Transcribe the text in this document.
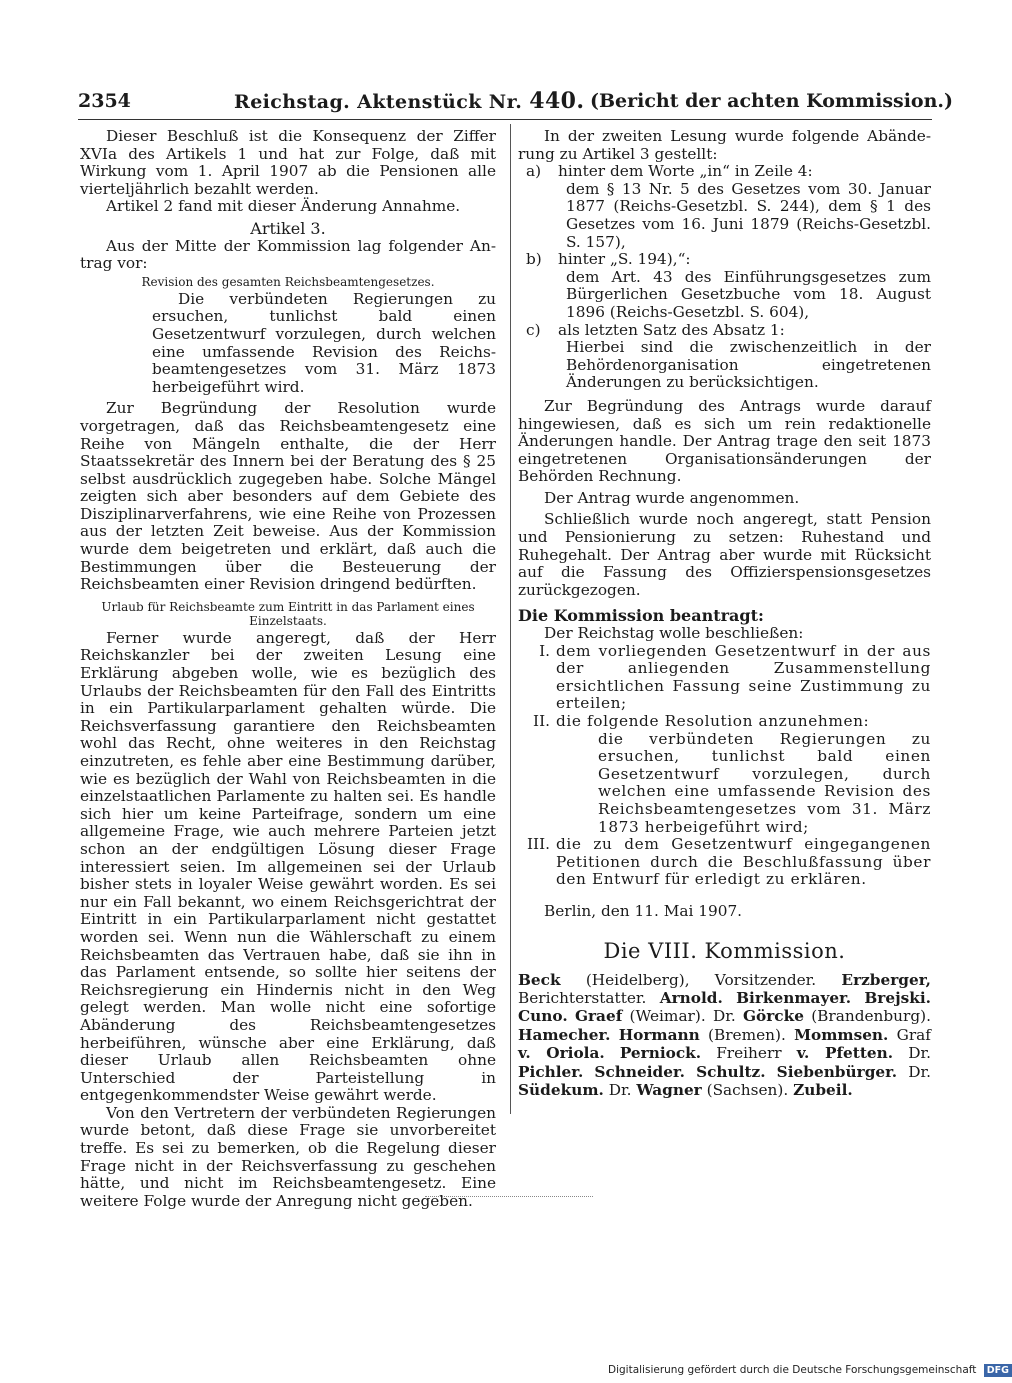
2354	Reichstag. Aktenstück Nr. 440. (Bericht der achten Kommission.)

Dieser Beschluß ist die Konsequenz der Ziffer XVIa des Artikels 1 und hat zur Folge, daß mit Wirkung vom 1. April 1907 ab die Pensionen alle vierteljährlich bezahlt werden.

Artikel 2 fand mit dieser Änderung Annahme.

Artikel 3.

Aus der Mitte der Kommission lag folgender Antrag vor:

Revision des gesamten Reichsbeamtengesetzes.

Die verbündeten Regierungen zu ersuchen, tunlichst bald einen Gesetzentwurf vorzulegen, durch welchen eine umfassende Revision des Reichsbeamtengesetzes vom 31. März 1873 herbeigeführt wird.

Zur Begründung der Resolution wurde vorgetragen, daß das Reichsbeamtengesetz eine Reihe von Mängeln enthalte, die der Herr Staatssekretär des Innern bei der Beratung des § 25 selbst ausdrücklich zugegeben habe. Solche Mängel zeigten sich aber besonders auf dem Gebiete des Disziplinarverfahrens, wie eine Reihe von Prozessen aus der letzten Zeit beweise. Aus der Kommission wurde dem beigetreten und erklärt, daß auch die Bestimmungen über die Besteuerung der Reichsbeamten einer Revision dringend bedürften.

Urlaub für Reichsbeamte zum Eintritt in das Parlament eines Einzelstaats.

Ferner wurde angeregt, daß der Herr Reichskanzler bei der zweiten Lesung eine Erklärung abgeben wolle, wie es bezüglich des Urlaubs der Reichsbeamten für den Fall des Eintritts in ein Partikularparlament gehalten würde. Die Reichsverfassung garantiere den Reichsbeamten wohl das Recht, ohne weiteres in den Reichstag einzutreten, es fehle aber eine Bestimmung darüber, wie es bezüglich der Wahl von Reichsbeamten in die einzelstaatlichen Parlamente zu halten sei. Es handle sich hier um keine Parteifrage, sondern um eine allgemeine Frage, wie auch mehrere Parteien jetzt schon an der endgültigen Lösung dieser Frage interessiert seien. Im allgemeinen sei der Urlaub bisher stets in loyaler Weise gewährt worden. Es sei nur ein Fall bekannt, wo einem Reichsgerichtrat der Eintritt in ein Partikularparlament nicht gestattet worden sei. Wenn nun die Wählerschaft zu einem Reichsbeamten das Vertrauen habe, daß sie ihn in das Parlament entsende, so sollte hier seitens der Reichsregierung ein Hindernis nicht in den Weg gelegt werden. Man wolle nicht eine sofortige Abänderung des Reichsbeamtengesetzes herbeiführen, wünsche aber eine Erklärung, daß dieser Urlaub allen Reichsbeamten ohne Unterschied der Parteistellung in entgegenkommendster Weise gewährt werde.

Von den Vertretern der verbündeten Regierungen wurde betont, daß diese Frage sie unvorbereitet treffe. Es sei zu bemerken, ob die Regelung dieser Frage nicht in der Reichsverfassung zu geschehen hätte, und nicht im Reichsbeamtengesetz. Eine weitere Folge wurde der Anregung nicht gegeben.

In der zweiten Lesung wurde folgende Abänderung zu Artikel 3 gestellt:

a)	hinter dem Worte „in“ in Zeile 4:

dem § 13 Nr. 5 des Gesetzes vom 30. Januar 1877 (Reichs-Gesetzbl. S. 244), dem § 1 des Gesetzes vom 16. Juni 1879 (Reichs-Gesetzbl. S. 157),

b)	hinter „S. 194),“:

dem Art. 43 des Einführungsgesetzes zum Bürgerlichen Gesetzbuche vom 18. August 1896 (Reichs-Gesetzbl. S. 604),

c)	als letzten Satz des Absatz 1:

Hierbei sind die zwischenzeitlich in der Behördenorganisation eingetretenen Änderungen zu berücksichtigen.

Zur Begründung des Antrags wurde darauf hingewiesen, daß es sich um rein redaktionelle Änderungen handle. Der Antrag trage den seit 1873 eingetretenen Organisationsänderungen der Behörden Rechnung.

Der Antrag wurde angenommen.

Schließlich wurde noch angeregt, statt Pension und Pensionierung zu setzen: Ruhestand und Ruhegehalt. Der Antrag aber wurde mit Rücksicht auf die Fassung des Offizierspensionsgesetzes zurückgezogen.

Die Kommission beantragt:

Der Reichstag wolle beschließen:

I. dem vorliegenden Gesetzentwurf in der aus der anliegenden Zusammenstellung ersichtlichen Fassung seine Zustimmung zu erteilen;
II. die folgende Resolution anzunehmen:

die verbündeten Regierungen zu ersuchen, tunlichst bald einen Gesetzentwurf vorzulegen, durch welchen eine umfassende Revision des Reichsbeamtengesetzes vom 31. März 1873 herbeigeführt wird;

III. die zu dem Gesetzentwurf eingegangenen Petitionen durch die Beschlußfassung über den Entwurf für erledigt zu erklären.

Berlin, den 11. Mai 1907.

Die VIII. Kommission.

Beck (Heidelberg), Vorsitzender. Erzberger, Berichterstatter. Arnold. Birkenmayer. Brejski. Cuno. Graef (Weimar). Dr. Görcke (Brandenburg). Hamecher. Hormann (Bremen). Mommsen. Graf v. Oriola. Perniock. Freiherr v. Pfetten. Dr. Pichler. Schneider. Schultz. Siebenbürger. Dr. Südekum. Dr. Wagner (Sachsen). Zubeil.

Digitalisierung gefördert durch die Deutsche Forschungsgemeinschaft DFG
